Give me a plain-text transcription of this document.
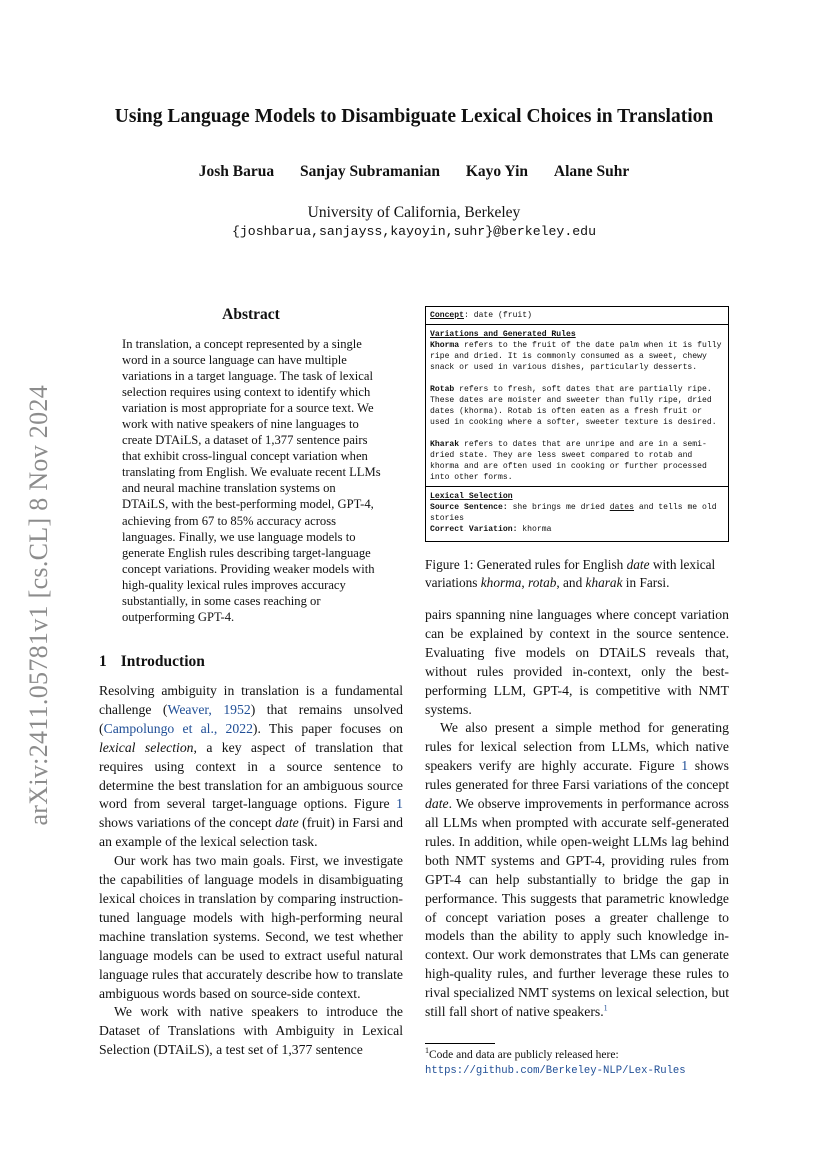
arXiv:2411.05781v1 [cs.CL] 8 Nov 2024
Using Language Models to Disambiguate Lexical Choices in Translation
Josh Barua Sanjay Subramanian Kayo Yin Alane Suhr
University of California, Berkeley
{joshbarua,sanjayss,kayoyin,suhr}@berkeley.edu
Abstract

In translation, a concept represented by a single word in a source language can have multiple variations in a target language. The task of lexical selection requires using context to identify which variation is most appropriate for a source text. We work with native speakers of nine languages to create DTAiLS, a dataset of 1,377 sentence pairs that exhibit cross-lingual concept variation when translating from English. We evaluate recent LLMs and neural machine translation systems on DTAiLS, with the best-performing model, GPT-4, achieving from 67 to 85% accuracy across languages. Finally, we use language models to generate English rules describing target-language concept variations. Providing weaker models with high-quality lexical rules improves accuracy substantially, in some cases reaching or outperforming GPT-4.

1 Introduction

Resolving ambiguity in translation is a fundamental challenge (Weaver, 1952) that remains unsolved (Campolungo et al., 2022). This paper focuses on lexical selection, a key aspect of translation that requires using context in a source sentence to determine the best translation for an ambiguous source word from several target-language options. Figure 1 shows variations of the concept date (fruit) in Farsi and an example of the lexical selection task.

Our work has two main goals. First, we investigate the capabilities of language models in disambiguating lexical choices in translation by comparing instruction-tuned language models with high-performing neural machine translation systems. Second, we test whether language models can be used to extract useful natural language rules that accurately describe how to translate ambiguous words based on source-side context.

We work with native speakers to introduce the Dataset of Translations with Ambiguity in Lexical Selection (DTAiLS), a test set of 1,377 sentence

Concept: date (fruit)

Variations and Generated Rules

Khorma refers to the fruit of the date palm when it is fully ripe and dried. It is commonly consumed as a sweet, chewy snack or used in various dishes, particularly desserts.

Rotab refers to fresh, soft dates that are partially ripe. These dates are moister and sweeter than fully ripe, dried dates (khorma). Rotab is often eaten as a fresh fruit or used in cooking where a softer, sweeter texture is desired.

Kharak refers to dates that are unripe and are in a semi-dried state. They are less sweet compared to rotab and khorma and are often used in cooking or further processed into other forms.

Lexical Selection

Source Sentence: she brings me dried dates and tells me old stories

Correct Variation: khorma

Figure 1: Generated rules for English date with lexical variations khorma, rotab, and kharak in Farsi.

pairs spanning nine languages where concept variation can be explained by context in the source sentence. Evaluating five models on DTAiLS reveals that, without rules provided in-context, only the best-performing LLM, GPT-4, is competitive with NMT systems.

We also present a simple method for generating rules for lexical selection from LLMs, which native speakers verify are highly accurate. Figure 1 shows rules generated for three Farsi variations of the concept date. We observe improvements in performance across all LLMs when prompted with accurate self-generated rules. In addition, while open-weight LLMs lag behind both NMT systems and GPT-4, providing rules from GPT-4 can help substantially to bridge the gap in performance. This suggests that parametric knowledge of concept variation poses a greater challenge to models than the ability to apply such knowledge in-context. Our work demonstrates that LMs can generate high-quality rules, and further leverage these rules to rival specialized NMT systems on lexical selection, but still fall short of native speakers.$^1$

$^1$Code and data are publicly released here: https://github.com/Berkeley-NLP/Lex-Rules
